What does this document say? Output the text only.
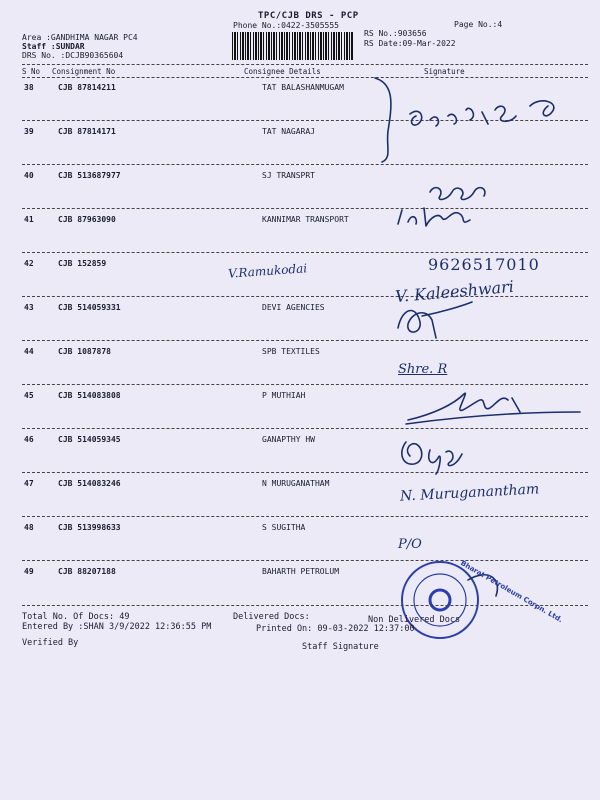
TPC/CJB DRS - PCP
Phone No.:0422-3505555
Area :GANDHIMA NAGAR PC4
Staff :SUNDAR
DRS No. :DCJB90365604
RS No.:903656
RS Date:09-Mar-2022
Page No.:4
S No Consignment No	Consignee Details	Signature
38	CJB 87814211	TAT BALASHANMUGAM
39	CJB 87814171	TAT NAGARAJ
40	CJB 513687977	SJ TRANSPRT
41	CJB 87963090	KANNIMAR TRANSPORT
42	CJB 152859
43	CJB 514059331	DEVI AGENCIES
44	CJB 1087878	SPB TEXTILES
45	CJB 514083808	P MUTHIAH
46	CJB 514059345	GANAPTHY HW
47	CJB 514083246	N MURUGANATHAM
48	CJB 513998633	S SUGITHA
49	CJB 88207188	BAHARTH PETROLUM
V.Ramukodai	9626517010
V. Kaleeshwari
Shre. R
N. Muruganantham
P/O
Bharat Petroleum Corpn. Ltd.
Total No. Of Docs: 49	Delivered Docs:	Non Delivered Docs
Entered By :SHAN 3/9/2022 12:36:55 PM	Printed On: 09-03-2022 12:37:00
Verified By	Staff Signature
